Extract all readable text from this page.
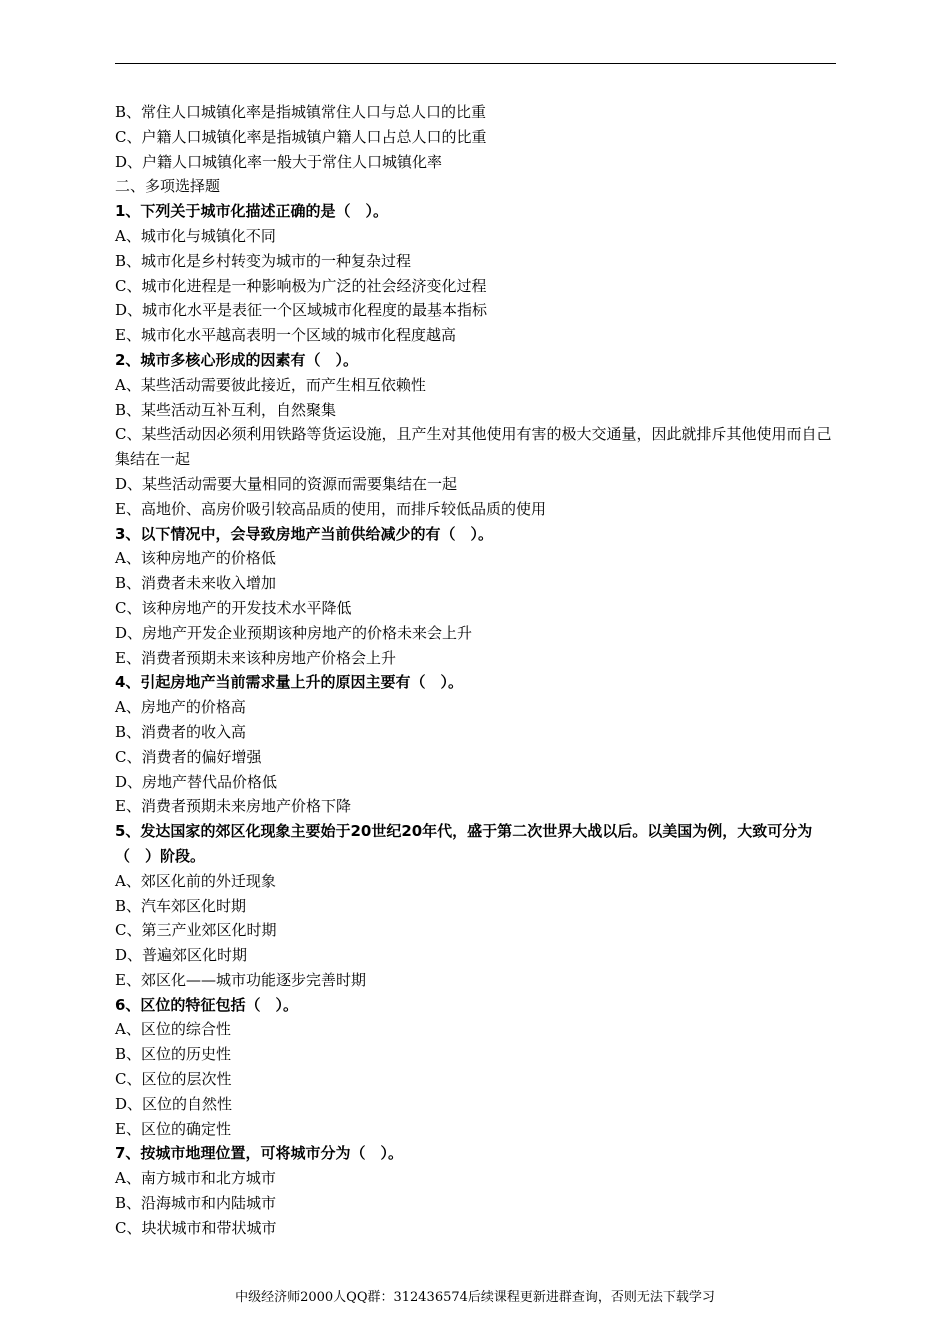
B、常住人口城镇化率是指城镇常住人口与总人口的比重
C、户籍人口城镇化率是指城镇户籍人口占总人口的比重
D、户籍人口城镇化率一般大于常住人口城镇化率
二、多项选择题
1、下列关于城市化描述正确的是（　）。
A、城市化与城镇化不同
B、城市化是乡村转变为城市的一种复杂过程
C、城市化进程是一种影响极为广泛的社会经济变化过程
D、城市化水平是表征一个区域城市化程度的最基本指标
E、城市化水平越高表明一个区域的城市化程度越高
2、城市多核心形成的因素有（　）。
A、某些活动需要彼此接近，而产生相互依赖性
B、某些活动互补互利，自然聚集
C、某些活动因必须利用铁路等货运设施，且产生对其他使用有害的极大交通量，因此就排斥其他使用而自己集结在一起
D、某些活动需要大量相同的资源而需要集结在一起
E、高地价、高房价吸引较高品质的使用，而排斥较低品质的使用
3、以下情况中，会导致房地产当前供给减少的有（　）。
A、该种房地产的价格低
B、消费者未来收入增加
C、该种房地产的开发技术水平降低
D、房地产开发企业预期该种房地产的价格未来会上升
E、消费者预期未来该种房地产价格会上升
4、引起房地产当前需求量上升的原因主要有（　）。
A、房地产的价格高
B、消费者的收入高
C、消费者的偏好增强
D、房地产替代品价格低
E、消费者预期未来房地产价格下降
5、发达国家的郊区化现象主要始于20世纪20年代，盛于第二次世界大战以后。以美国为例，大致可分为（　）阶段。
A、郊区化前的外迁现象
B、汽车郊区化时期
C、第三产业郊区化时期
D、普遍郊区化时期
E、郊区化——城市功能逐步完善时期
6、区位的特征包括（　）。
A、区位的综合性
B、区位的历史性
C、区位的层次性
D、区位的自然性
E、区位的确定性
7、按城市地理位置，可将城市分为（　）。
A、南方城市和北方城市
B、沿海城市和内陆城市
C、块状城市和带状城市
中级经济师2000人QQ群：312436574后续课程更新进群查询，否则无法下载学习
